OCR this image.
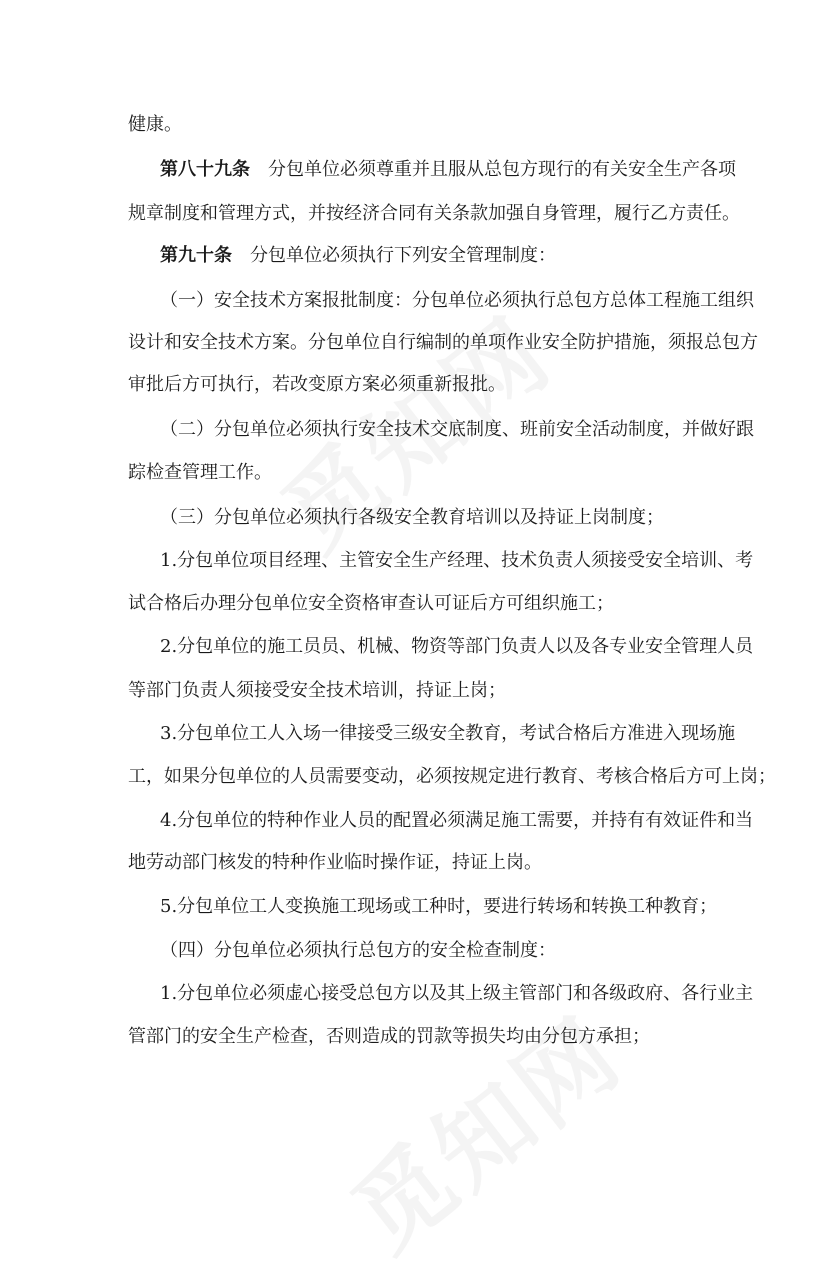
健康。
第八十九条 分包单位必须尊重并且服从总包方现行的有关安全生产各项
规章制度和管理方式，并按经济合同有关条款加强自身管理，履行乙方责任。
第九十条 分包单位必须执行下列安全管理制度：
（一）安全技术方案报批制度：分包单位必须执行总包方总体工程施工组织
设计和安全技术方案。分包单位自行编制的单项作业安全防护措施，须报总包方
审批后方可执行，若改变原方案必须重新报批。
（二）分包单位必须执行安全技术交底制度、班前安全活动制度，并做好跟
踪检查管理工作。
（三）分包单位必须执行各级安全教育培训以及持证上岗制度；
1.分包单位项目经理、主管安全生产经理、技术负责人须接受安全培训、考
试合格后办理分包单位安全资格审查认可证后方可组织施工；
2.分包单位的施工员员、机械、物资等部门负责人以及各专业安全管理人员
等部门负责人须接受安全技术培训，持证上岗；
3.分包单位工人入场一律接受三级安全教育，考试合格后方准进入现场施
工，如果分包单位的人员需要变动，必须按规定进行教育、考核合格后方可上岗；
4.分包单位的特种作业人员的配置必须满足施工需要，并持有有效证件和当
地劳动部门核发的特种作业临时操作证，持证上岗。
5.分包单位工人变换施工现场或工种时，要进行转场和转换工种教育；
（四）分包单位必须执行总包方的安全检查制度：
1.分包单位必须虚心接受总包方以及其上级主管部门和各级政府、各行业主
管部门的安全生产检查，否则造成的罚款等损失均由分包方承担；
